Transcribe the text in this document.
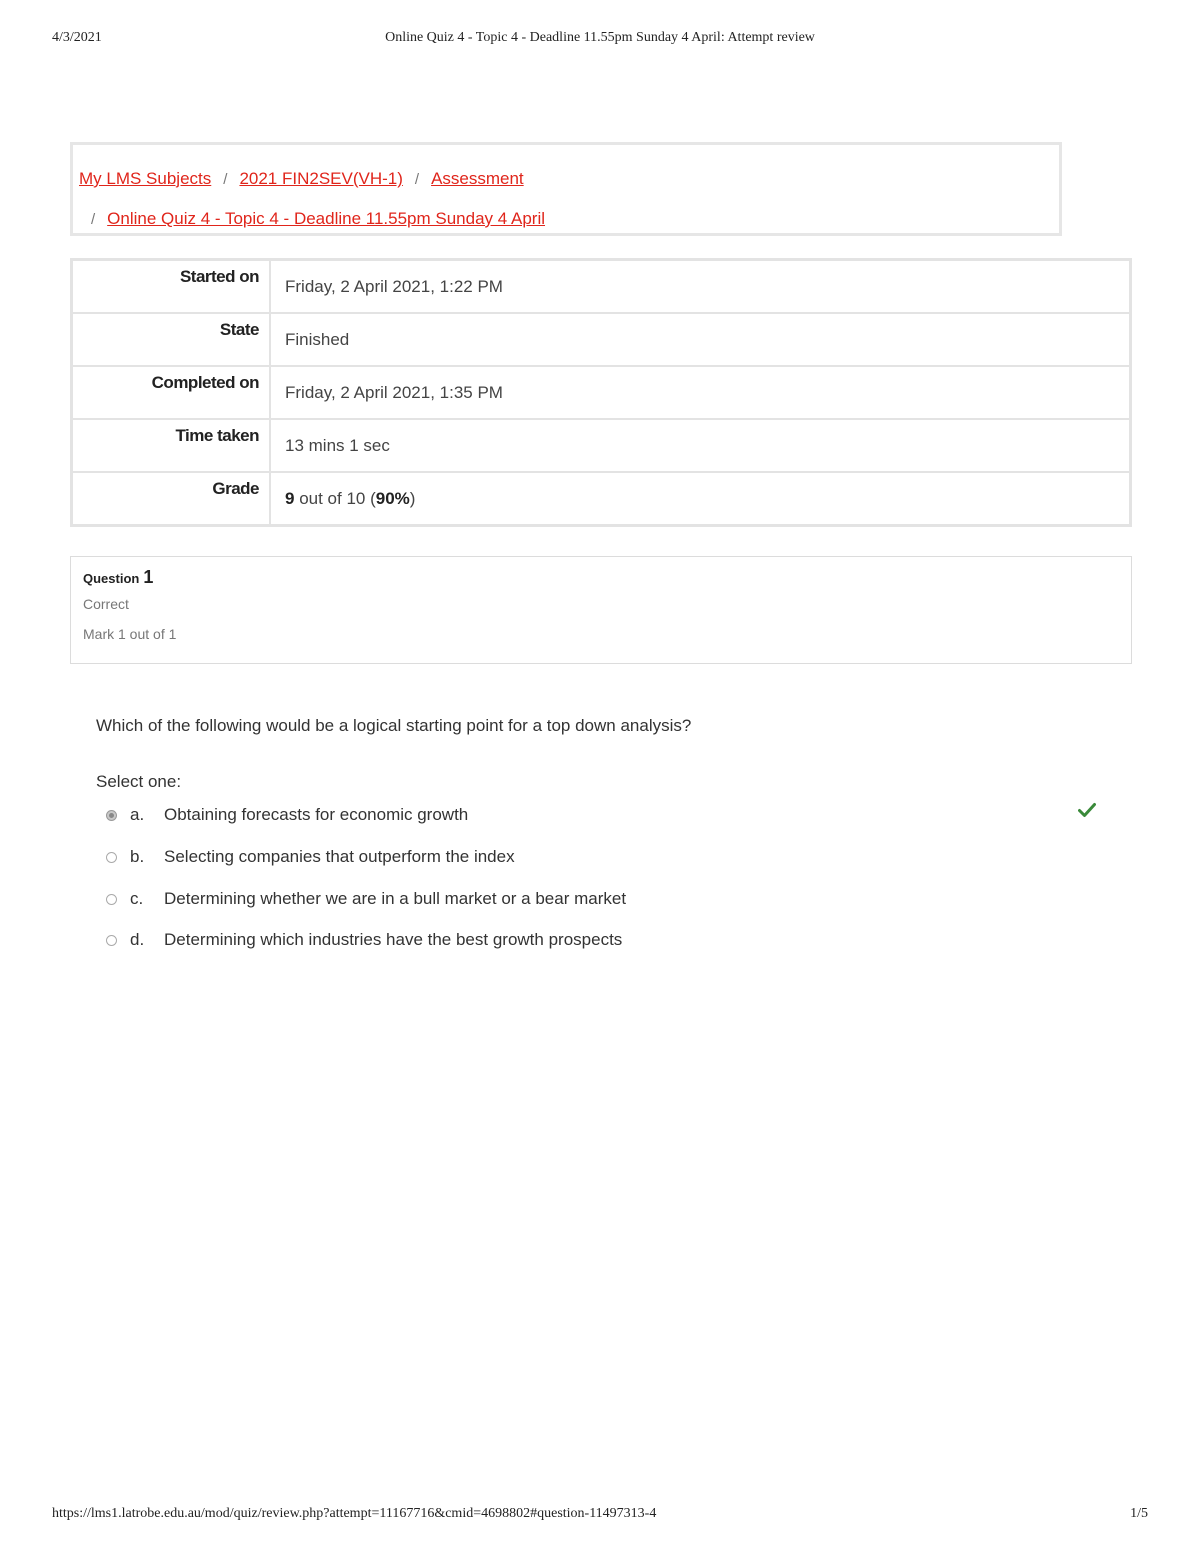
4/3/2021	Online Quiz 4 - Topic 4 - Deadline 11.55pm Sunday 4 April: Attempt review
My LMS Subjects / 2021 FIN2SEV(VH-1) / Assessment
/ Online Quiz 4 - Topic 4 - Deadline 11.55pm Sunday 4 April
Started on	Friday, 2 April 2021, 1:22 PM

State	Finished

Completed on	Friday, 2 April 2021, 1:35 PM

Time taken	13 mins 1 sec

Grade	9 out of 10 (90%)
Question 1
Correct
Mark 1 out of 1
Which of the following would be a logical starting point for a top down analysis?
Select one:
a.	Obtaining forecasts for economic growth
b.	Selecting companies that outperform the index
c.	Determining whether we are in a bull market or a bear market
d.	Determining which industries have the best growth prospects
https://lms1.latrobe.edu.au/mod/quiz/review.php?attempt=11167716&cmid=4698802#question-11497313-4	1/5
